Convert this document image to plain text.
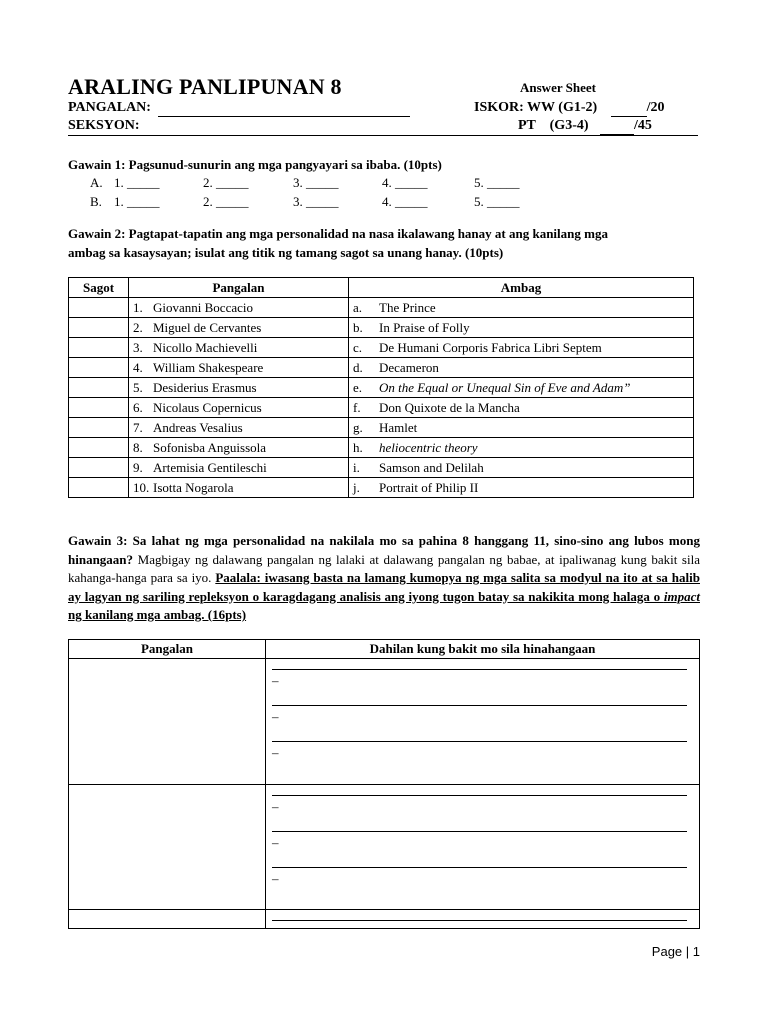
ARALING PANLIPUNAN 8	Answer Sheet
PANGALAN:	ISKOR: WW (G1-2)	/20
SEKSYON:	PT    (G3-4)	/45
Gawain 1: Pagsunud-sunurin ang mga pangyayari sa ibaba. (10pts)
A. 1. _____	2. _____	3. _____	4. _____	5. _____
B. 1. _____	2. _____	3. _____	4. _____	5. _____
Gawain 2: Pagtapat-tapatin ang mga personalidad na nasa ikalawang hanay at ang kanilang mga
ambag sa kasaysayan; isulat ang titik ng tamang sagot sa unang hanay. (10pts)
Sagot	Pangalan	Ambag
	1. Giovanni Boccacio	a. The Prince
	2. Miguel de Cervantes	b. In Praise of Folly
	3. Nicollo Machievelli	c. De Humani Corporis Fabrica Libri Septem
	4. William Shakespeare	d. Decameron
	5. Desiderius Erasmus	e. On the Equal or Unequal Sin of Eve and Adam”
	6. Nicolaus Copernicus	f. Don Quixote de la Mancha
	7. Andreas Vesalius	g. Hamlet
	8. Sofonisba Anguissola	h. heliocentric theory
	9. Artemisia Gentileschi	i. Samson and Delilah
	10. Isotta Nogarola	j. Portrait of Philip II
Gawain 3: Sa lahat ng mga personalidad na nakilala mo sa pahina 8 hanggang 11, sino-sino ang lubos mong hinangaan? Magbigay ng dalawang pangalan ng lalaki at dalawang pangalan ng babae, at ipaliwanag kung bakit sila kahanga-hanga para sa iyo. Paalala: iwasang basta na lamang kumopya ng mga salita sa modyul na ito at sa halib ay lagyan ng sariling repleksyon o karagdagang analisis ang iyong tugon batay sa nakikita mong halaga o impact ng kanilang mga ambag. (16pts)
Pangalan	Dahilan kung bakit mo sila hinahangaan

	–
–
–

	–
–
–

Page | 1
